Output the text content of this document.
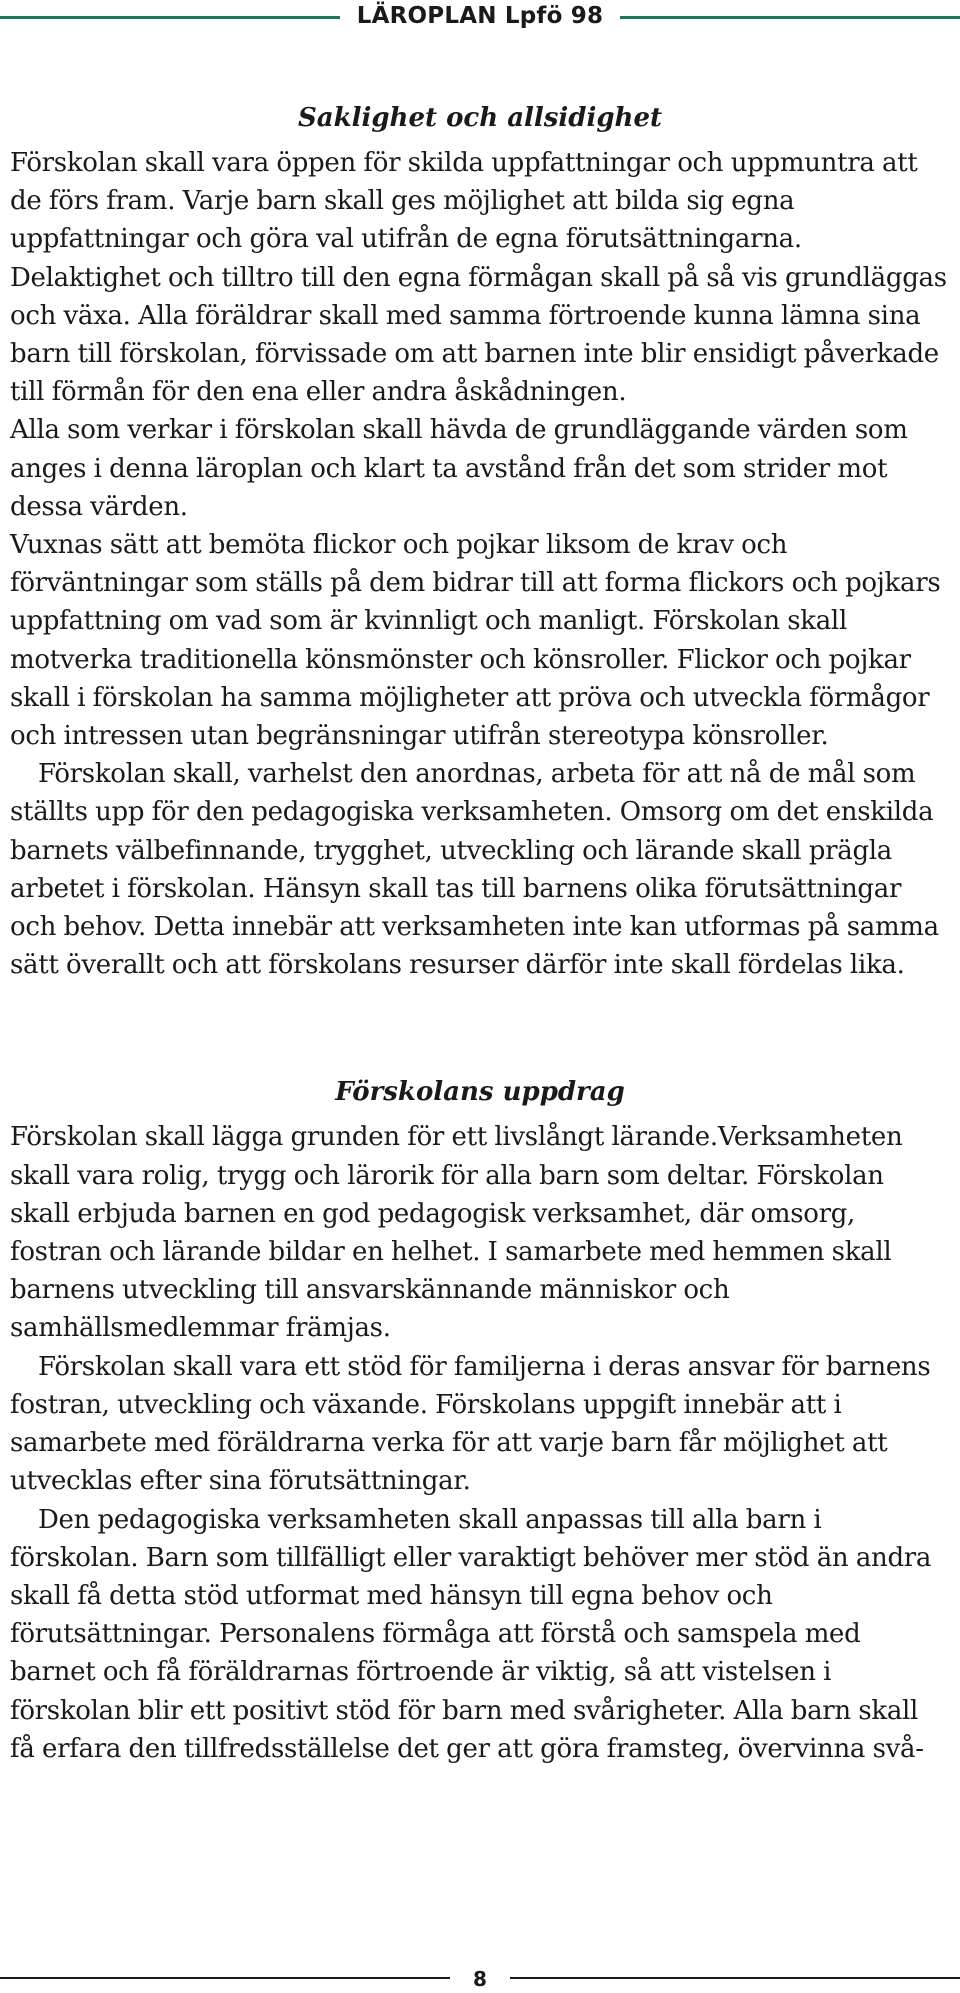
LÄROPLAN Lpfö 98
Saklighet och allsidighet

Förskolan skall vara öppen för skilda uppfattningar och uppmuntra att de förs fram. Varje barn skall ges möjlighet att bilda sig egna uppfattningar och göra val utifrån de egna förutsättningarna. Delaktighet och tilltro till den egna förmågan skall på så vis grundläggas och växa. Alla föräldrar skall med samma förtroende kunna lämna sina barn till förskolan, förvissade om att barnen inte blir ensidigt påverkade till förmån för den ena eller andra åskådningen.

Alla som verkar i förskolan skall hävda de grundläggande värden som anges i denna läroplan och klart ta avstånd från det som strider mot dessa värden.

Vuxnas sätt att bemöta flickor och pojkar liksom de krav och förväntningar som ställs på dem bidrar till att forma flickors och pojkars uppfattning om vad som är kvinnligt och manligt. Förskolan skall motverka traditionella könsmönster och könsroller. Flickor och pojkar skall i förskolan ha samma möjligheter att pröva och utveckla förmågor och intressen utan begränsningar utifrån stereotypa könsroller.

Förskolan skall, varhelst den anordnas, arbeta för att nå de mål som ställts upp för den pedagogiska verksamheten. Omsorg om det enskilda barnets välbefinnande, trygghet, utveckling och lärande skall prägla arbetet i förskolan. Hänsyn skall tas till barnens olika förutsättningar och behov. Detta innebär att verksamheten inte kan utformas på samma sätt överallt och att förskolans resurser därför inte skall fördelas lika.

Förskolans uppdrag

Förskolan skall lägga grunden för ett livslångt lärande.Verksamheten skall vara rolig, trygg och lärorik för alla barn som deltar. Förskolan skall erbjuda barnen en god pedagogisk verksamhet, där omsorg, fostran och lärande bildar en helhet. I samarbete med hemmen skall barnens utveckling till ansvarskännande människor och samhällsmedlemmar främjas.

Förskolan skall vara ett stöd för familjerna i deras ansvar för barnens fostran, utveckling och växande. Förskolans uppgift innebär att i samarbete med föräldrarna verka för att varje barn får möjlighet att utvecklas efter sina förutsättningar.

Den pedagogiska verksamheten skall anpassas till alla barn i förskolan. Barn som tillfälligt eller varaktigt behöver mer stöd än andra skall få detta stöd utformat med hänsyn till egna behov och förutsättningar. Personalens förmåga att förstå och samspela med barnet och få föräldrarnas förtroende är viktig, så att vistelsen i förskolan blir ett positivt stöd för barn med svårigheter. Alla barn skall få erfara den tillfredsställelse det ger att göra framsteg, övervinna svå-

8
